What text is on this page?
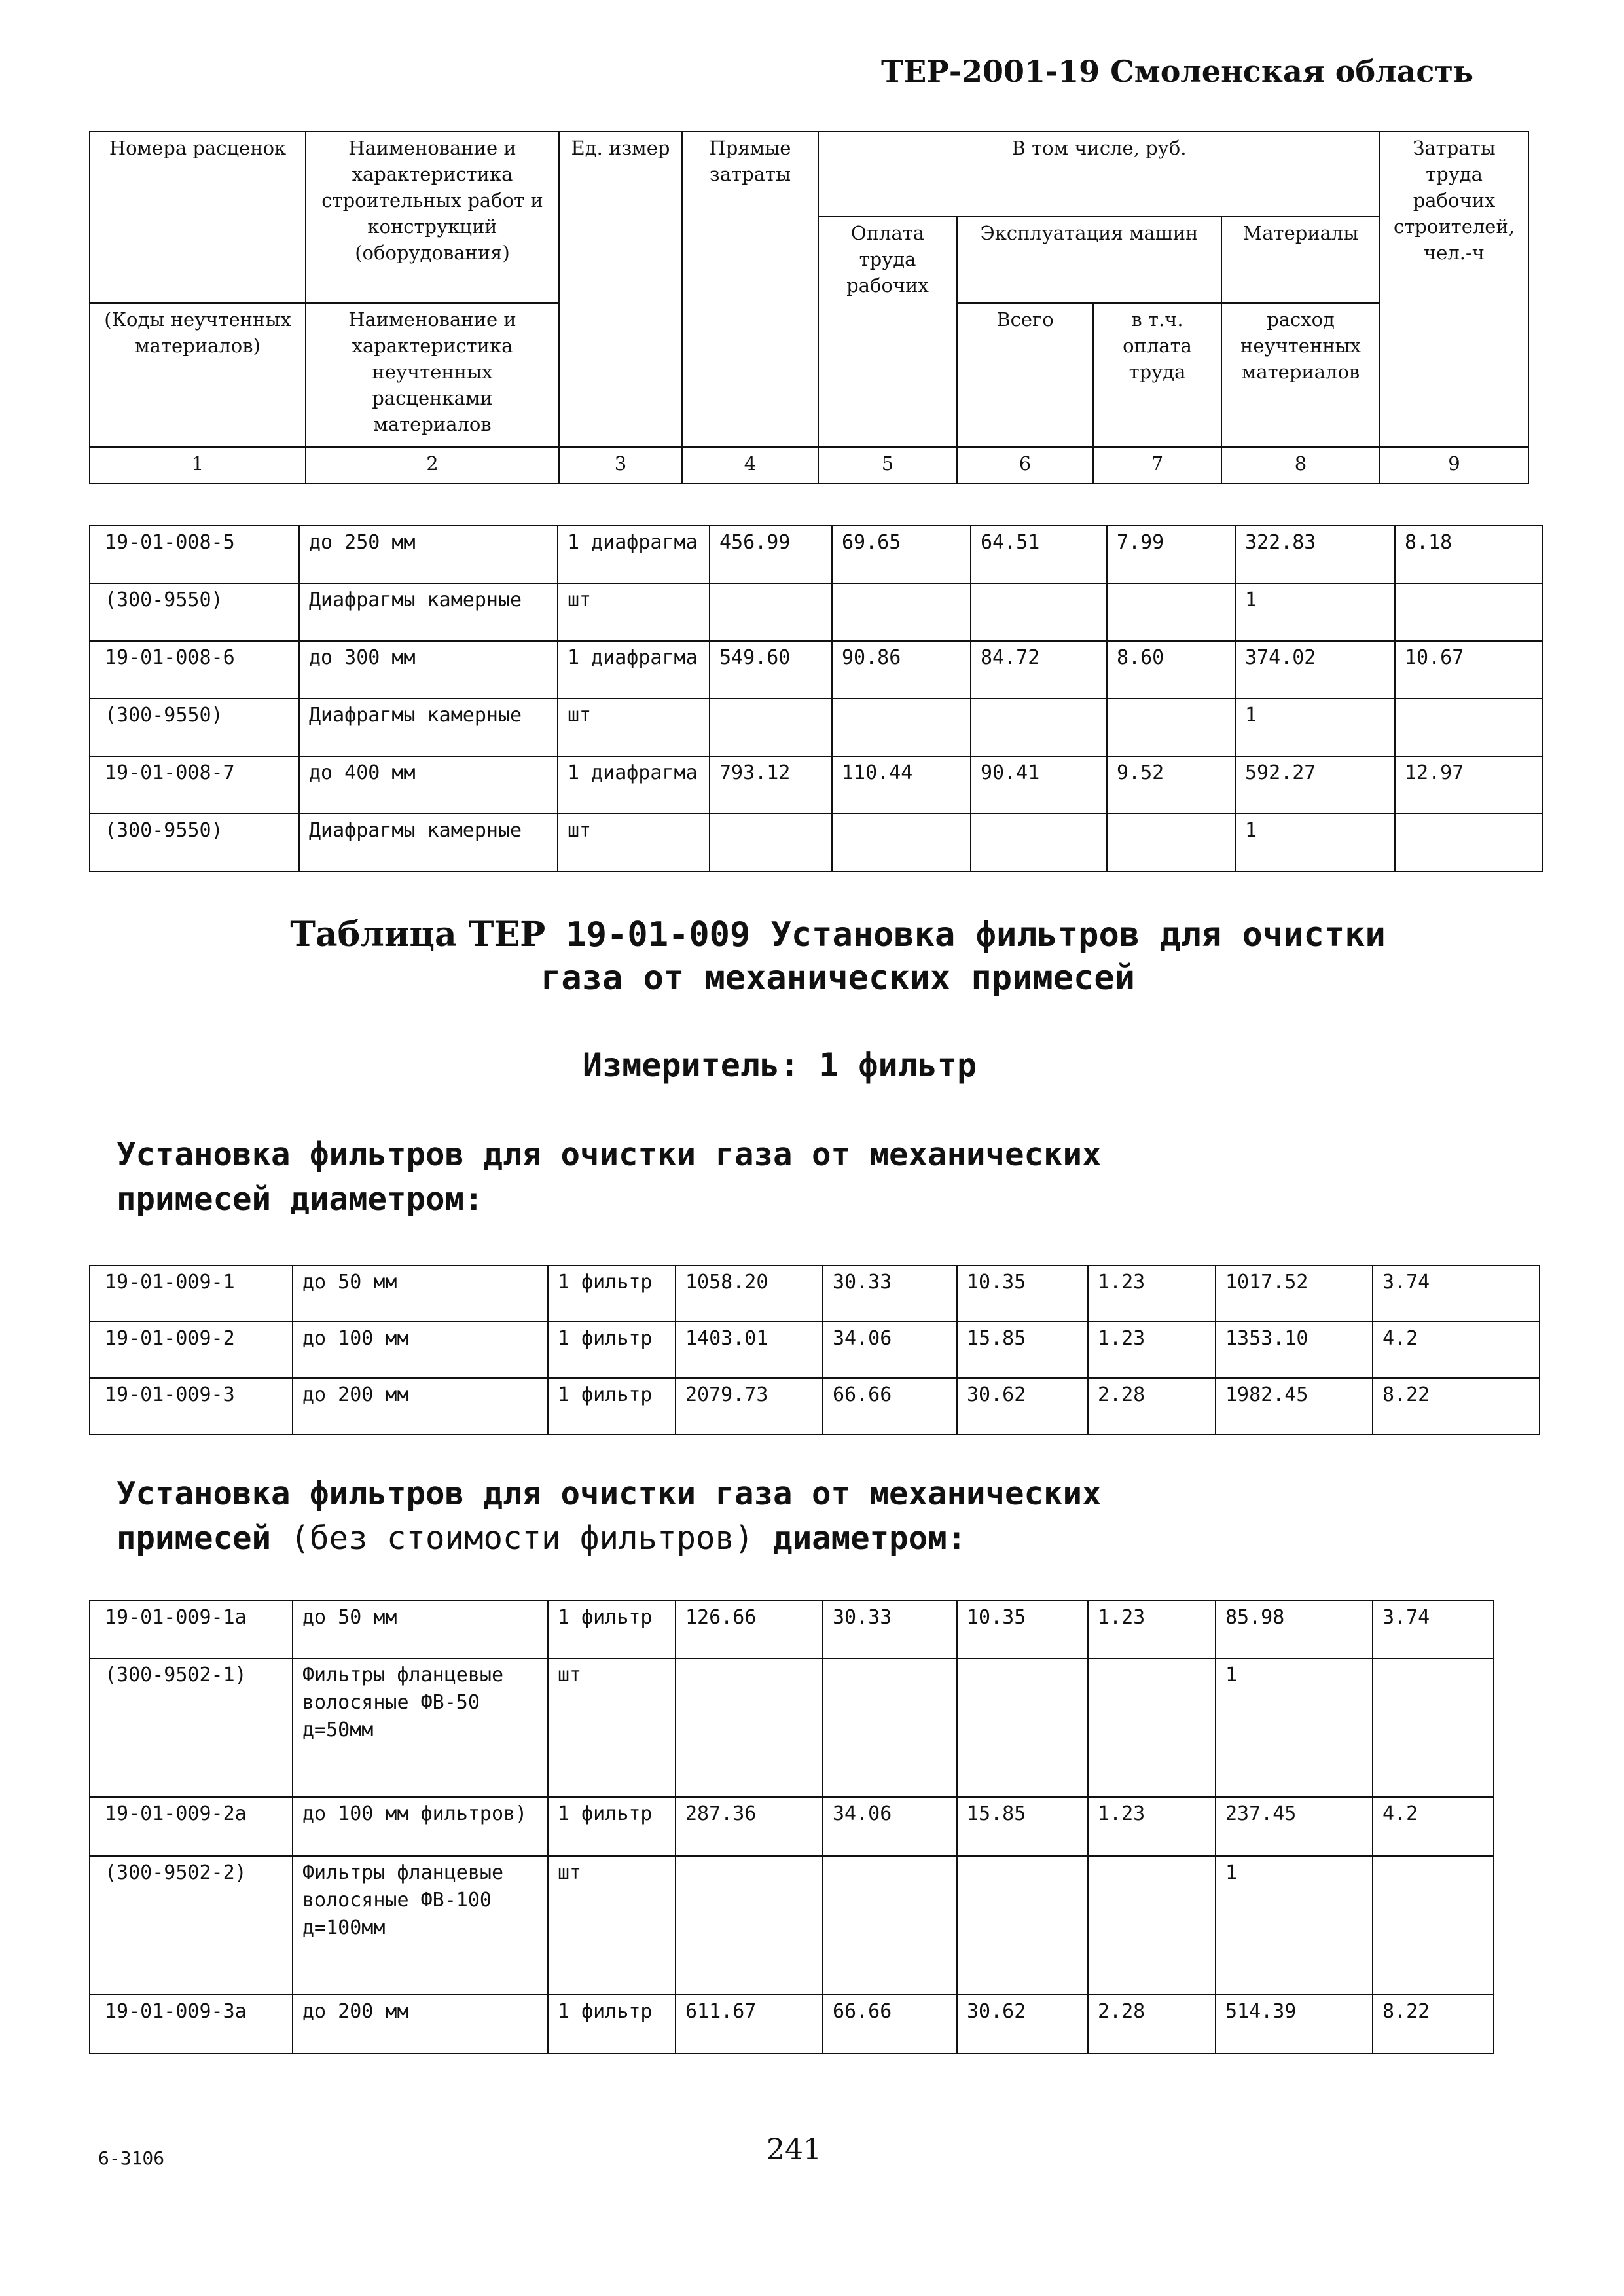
ТЕР-2001-19 Смоленская область
Номера расценок	Наименование и характеристика строительных работ и конструкций (оборудования)	Ед. измер	Прямые затраты	В том числе, руб.				Затраты труда рабочих строителей, чел.-ч
				Оплата труда рабочих	Эксплуатация машин		Материалы	
(Коды неучтенных материалов)	Наименование и характеристика неучтенных расценками материалов				Всего	в т.ч. оплата труда	расход неучтенных материалов	
1	2	3	4	5	6	7	8	9
19-01-008-5	до 250 мм	1 диафрагма	456.99	69.65	64.51	7.99	322.83	8.18
(300-9550)	Диафрагмы камерные	шт					1	
19-01-008-6	до 300 мм	1 диафрагма	549.60	90.86	84.72	8.60	374.02	10.67
(300-9550)	Диафрагмы камерные	шт					1	
19-01-008-7	до 400 мм	1 диафрагма	793.12	110.44	90.41	9.52	592.27	12.97
(300-9550)	Диафрагмы камерные	шт					1	
Таблица ТЕР 19-01-009 Установка фильтров для очистки
газа от механических примесей
Измеритель: 1 фильтр
Установка фильтров для очистки газа от механических
примесей диаметром:
19-01-009-1	до 50 мм	1 фильтр	1058.20	30.33	10.35	1.23	1017.52	3.74
19-01-009-2	до 100 мм	1 фильтр	1403.01	34.06	15.85	1.23	1353.10	4.2
19-01-009-3	до 200 мм	1 фильтр	2079.73	66.66	30.62	2.28	1982.45	8.22
Установка фильтров для очистки газа от механических
примесей (без стоимости фильтров) диаметром:
19-01-009-1а	до 50 мм	1 фильтр	126.66	30.33	10.35	1.23	85.98	3.74
(300-9502-1)	Фильтры фланцевые волосяные ФВ-50 д=50мм	шт					1	
19-01-009-2а	до 100 мм фильтров)	1 фильтр	287.36	34.06	15.85	1.23	237.45	4.2
(300-9502-2)	Фильтры фланцевые волосяные ФВ-100 д=100мм	шт					1	
19-01-009-3а	до 200 мм	1 фильтр	611.67	66.66	30.62	2.28	514.39	8.22
6-3106	241
